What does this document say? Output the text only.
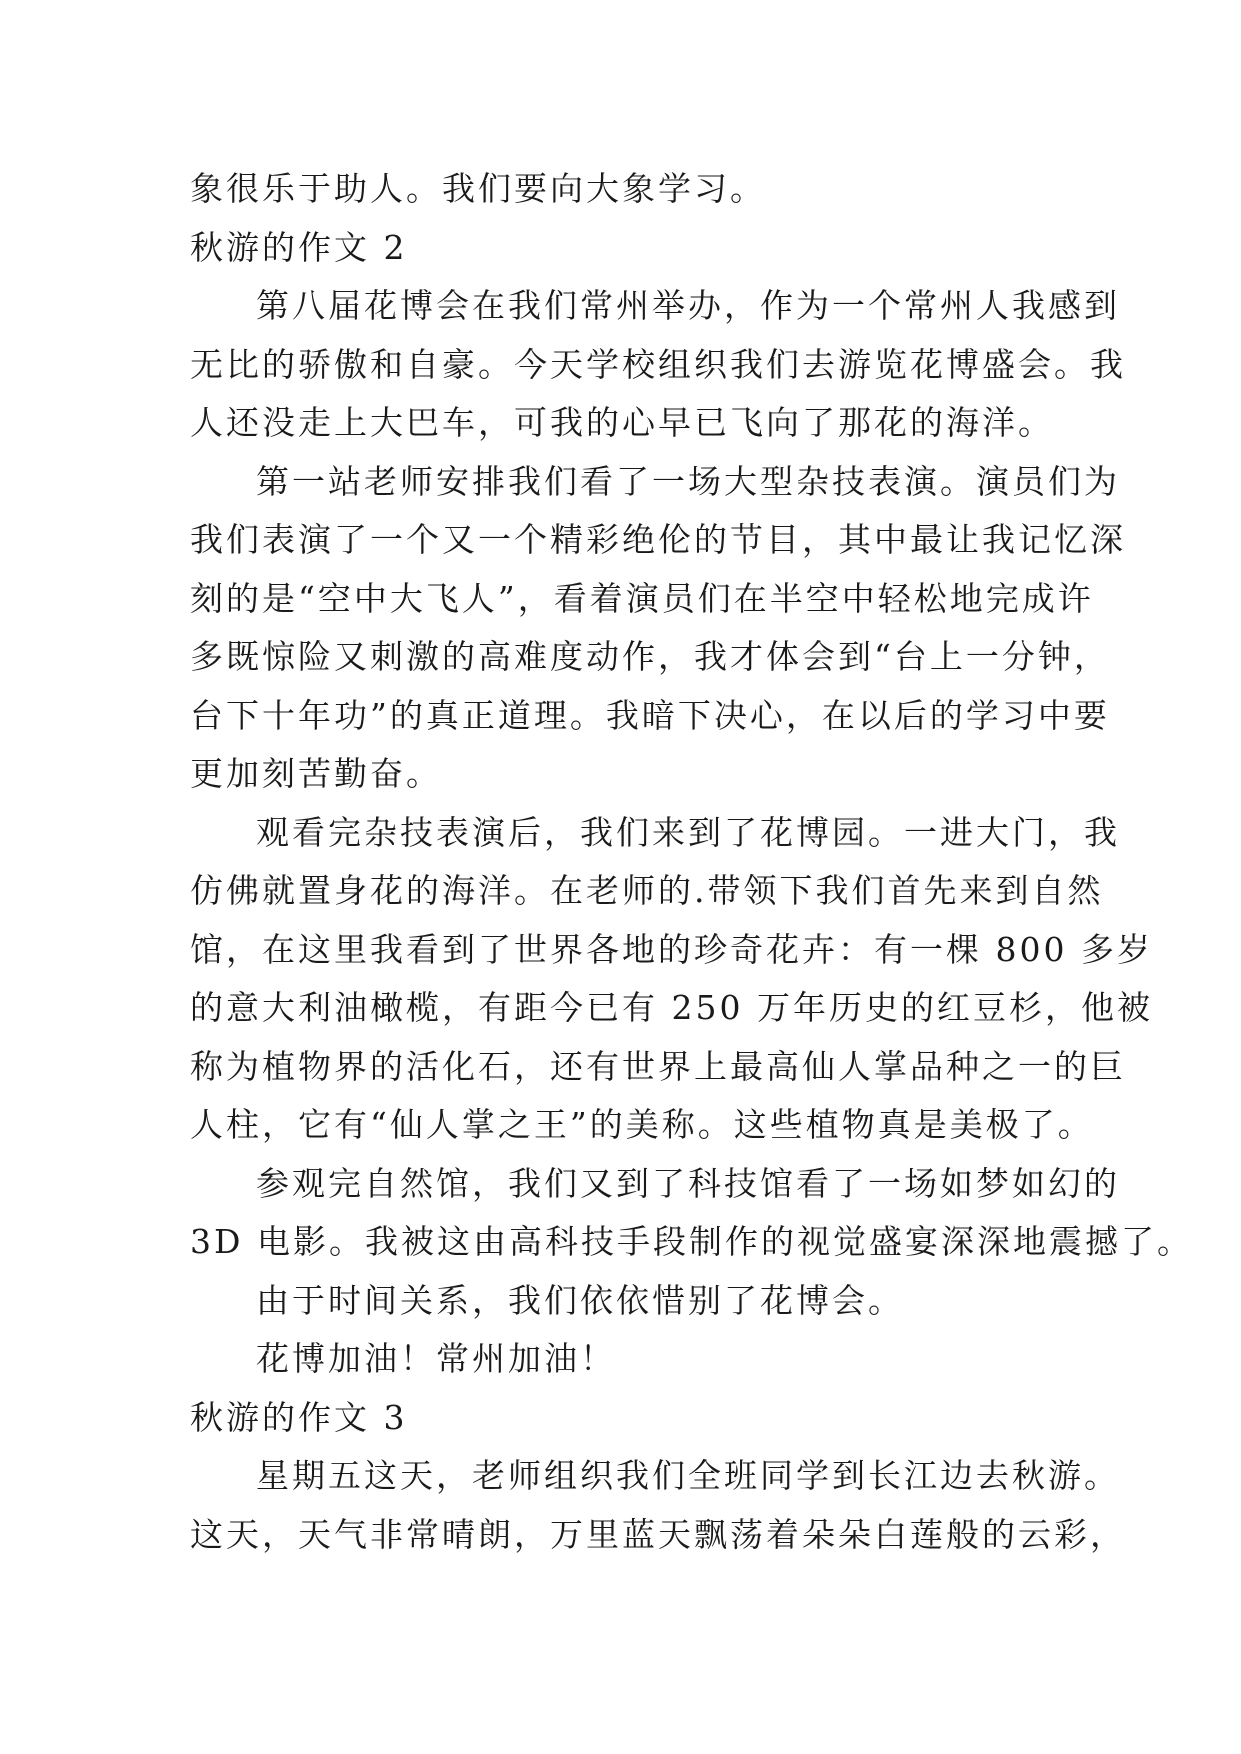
象很乐于助人。我们要向大象学习。
秋游的作文 2
第八届花博会在我们常州举办，作为一个常州人我感到
无比的骄傲和自豪。今天学校组织我们去游览花博盛会。我
人还没走上大巴车，可我的心早已飞向了那花的海洋。
第一站老师安排我们看了一场大型杂技表演。演员们为
我们表演了一个又一个精彩绝伦的节目，其中最让我记忆深
刻的是“空中大飞人”，看着演员们在半空中轻松地完成许
多既惊险又刺激的高难度动作，我才体会到“台上一分钟，
台下十年功”的真正道理。我暗下决心，在以后的学习中要
更加刻苦勤奋。
观看完杂技表演后，我们来到了花博园。一进大门，我
仿佛就置身花的海洋。在老师的.带领下我们首先来到自然
馆，在这里我看到了世界各地的珍奇花卉：有一棵 800 多岁
的意大利油橄榄，有距今已有 250 万年历史的红豆杉，他被
称为植物界的活化石，还有世界上最高仙人掌品种之一的巨
人柱，它有“仙人掌之王”的美称。这些植物真是美极了。
参观完自然馆，我们又到了科技馆看了一场如梦如幻的
3D 电影。我被这由高科技手段制作的视觉盛宴深深地震撼了。
由于时间关系，我们依依惜别了花博会。
花博加油！常州加油！
秋游的作文 3
星期五这天，老师组织我们全班同学到长江边去秋游。
这天，天气非常晴朗，万里蓝天飘荡着朵朵白莲般的云彩，
